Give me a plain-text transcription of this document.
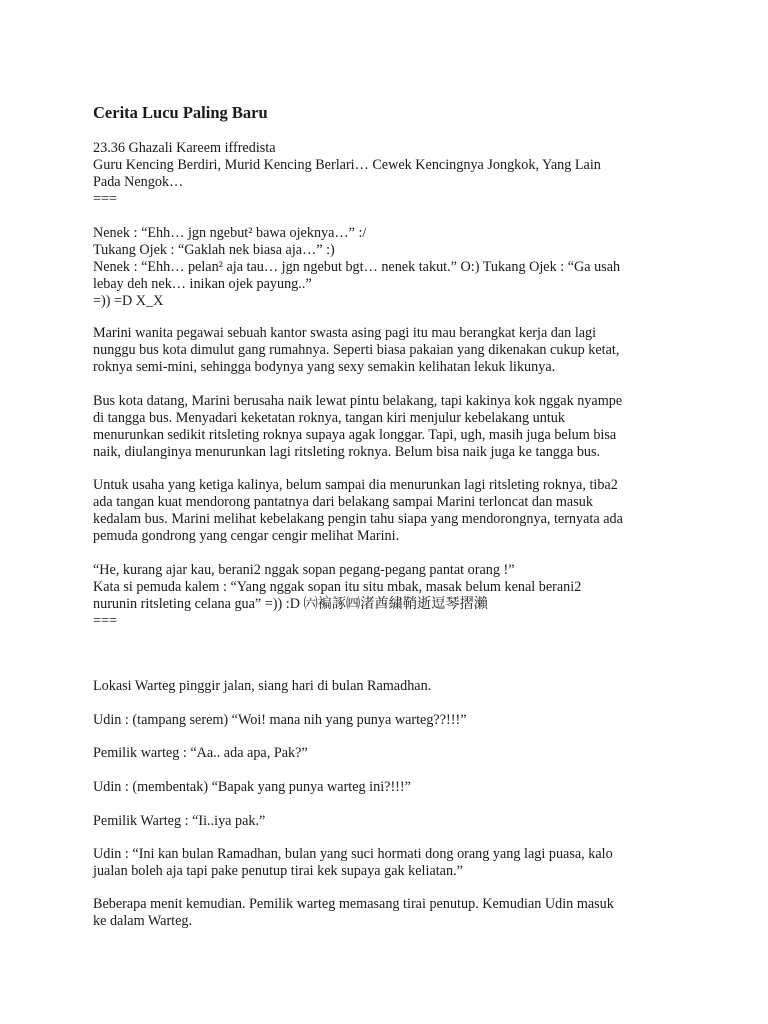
Cerita Lucu Paling Baru
23.36 Ghazali Kareem iffredista
Guru Kencing Berdiri, Murid Kencing Berlari… Cewek Kencingnya Jongkok, Yang Lain
Pada Nengok…
===
Nenek : “Ehh… jgn ngebut² bawa ojeknya…” :/
Tukang Ojek : “Gaklah nek biasa aja…” :)
Nenek : “Ehh… pelan² aja tau… jgn ngebut bgt… nenek takut.” O:) Tukang Ojek : “Ga usah
lebay deh nek… inikan ojek payung..”
=)) =D X_X
Marini wanita pegawai sebuah kantor swasta asing pagi itu mau berangkat kerja dan lagi
nunggu bus kota dimulut gang rumahnya. Seperti biasa pakaian yang dikenakan cukup ketat,
roknya semi-mini, sehingga bodynya yang sexy semakin kelihatan lekuk likunya.
Bus kota datang, Marini berusaha naik lewat pintu belakang, tapi kakinya kok nggak nyampe
di tangga bus. Menyadari keketatan roknya, tangan kiri menjulur kebelakang untuk
menurunkan sedikit ritsleting roknya supaya agak longgar. Tapi, ugh, masih juga belum bisa
naik, diulanginya menurunkan lagi ritsleting roknya. Belum bisa naik juga ke tangga bus.
Untuk usaha yang ketiga kalinya, belum sampai dia menurunkan lagi ritsleting roknya, tiba2
ada tangan kuat mendorong pantatnya dari belakang sampai Marini terloncat dan masuk
kedalam bus. Marini melihat kebelakang pengin tahu siapa yang mendorongnya, ternyata ada
pemuda gondrong yang cengar cengir melihat Marini.
“He, kurang ajar kau, berani2 nggak sopan pegang-pegang pantat orang !”
Kata si pemuda kalem : “Yang nggak sopan itu situ mbak, masak belum kenal berani2
nurunin ritsleting celana gua” =)) :D ㈥褊諑㈣渚酋繍鞘逝逗琴摺瀨
===

Lokasi Warteg pinggir jalan, siang hari di bulan Ramadhan.

Udin : (tampang serem) “Woi! mana nih yang punya warteg??!!!”

Pemilik warteg : “Aa.. ada apa, Pak?”

Udin : (membentak) “Bapak yang punya warteg ini?!!!”

Pemilik Warteg : “Ii..iya pak.”

Udin : “Ini kan bulan Ramadhan, bulan yang suci hormati dong orang yang lagi puasa, kalo
jualan boleh aja tapi pake penutup tirai kek supaya gak keliatan.”
Beberapa menit kemudian. Pemilik warteg memasang tirai penutup. Kemudian Udin masuk
ke dalam Warteg.
